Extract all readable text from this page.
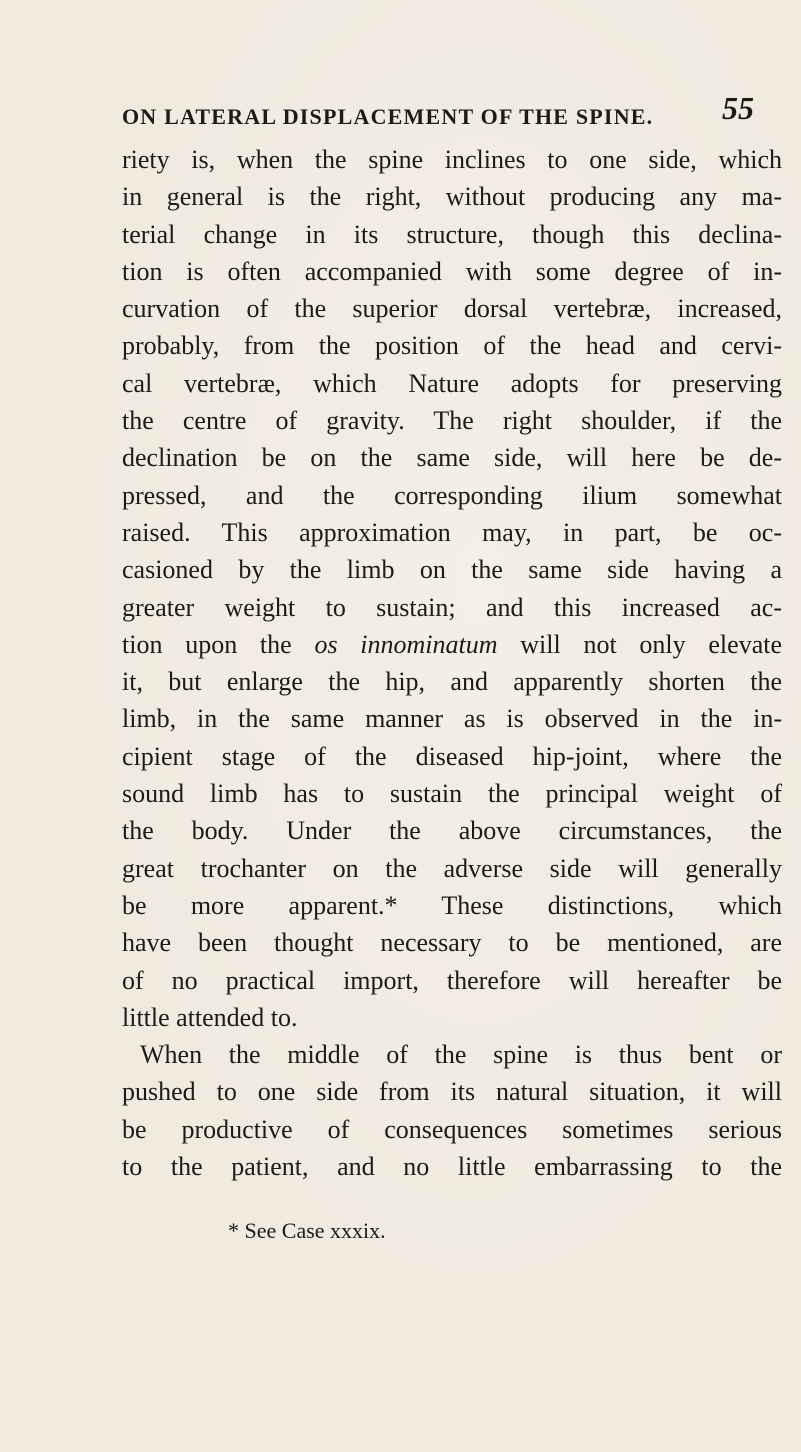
ON LATERAL DISPLACEMENT OF THE SPINE. 55
riety is, when the spine inclines to one side, which
in general is the right, without producing any ma-
terial change in its structure, though this declina-
tion is often accompanied with some degree of in-
curvation of the superior dorsal vertebræ, increased,
probably, from the position of the head and cervi-
cal vertebræ, which Nature adopts for preserving
the centre of gravity. The right shoulder, if the
declination be on the same side, will here be de-
pressed, and the corresponding ilium somewhat
raised. This approximation may, in part, be oc-
casioned by the limb on the same side having a
greater weight to sustain; and this increased ac-
tion upon the os innominatum will not only elevate
it, but enlarge the hip, and apparently shorten the
limb, in the same manner as is observed in the in-
cipient stage of the diseased hip-joint, where the
sound limb has to sustain the principal weight of
the body. Under the above circumstances, the
great trochanter on the adverse side will generally
be more apparent.* These distinctions, which
have been thought necessary to be mentioned, are
of no practical import, therefore will hereafter be
little attended to.
When the middle of the spine is thus bent or
pushed to one side from its natural situation, it will
be productive of consequences sometimes serious
to the patient, and no little embarrassing to the
* See Case xxxix.
